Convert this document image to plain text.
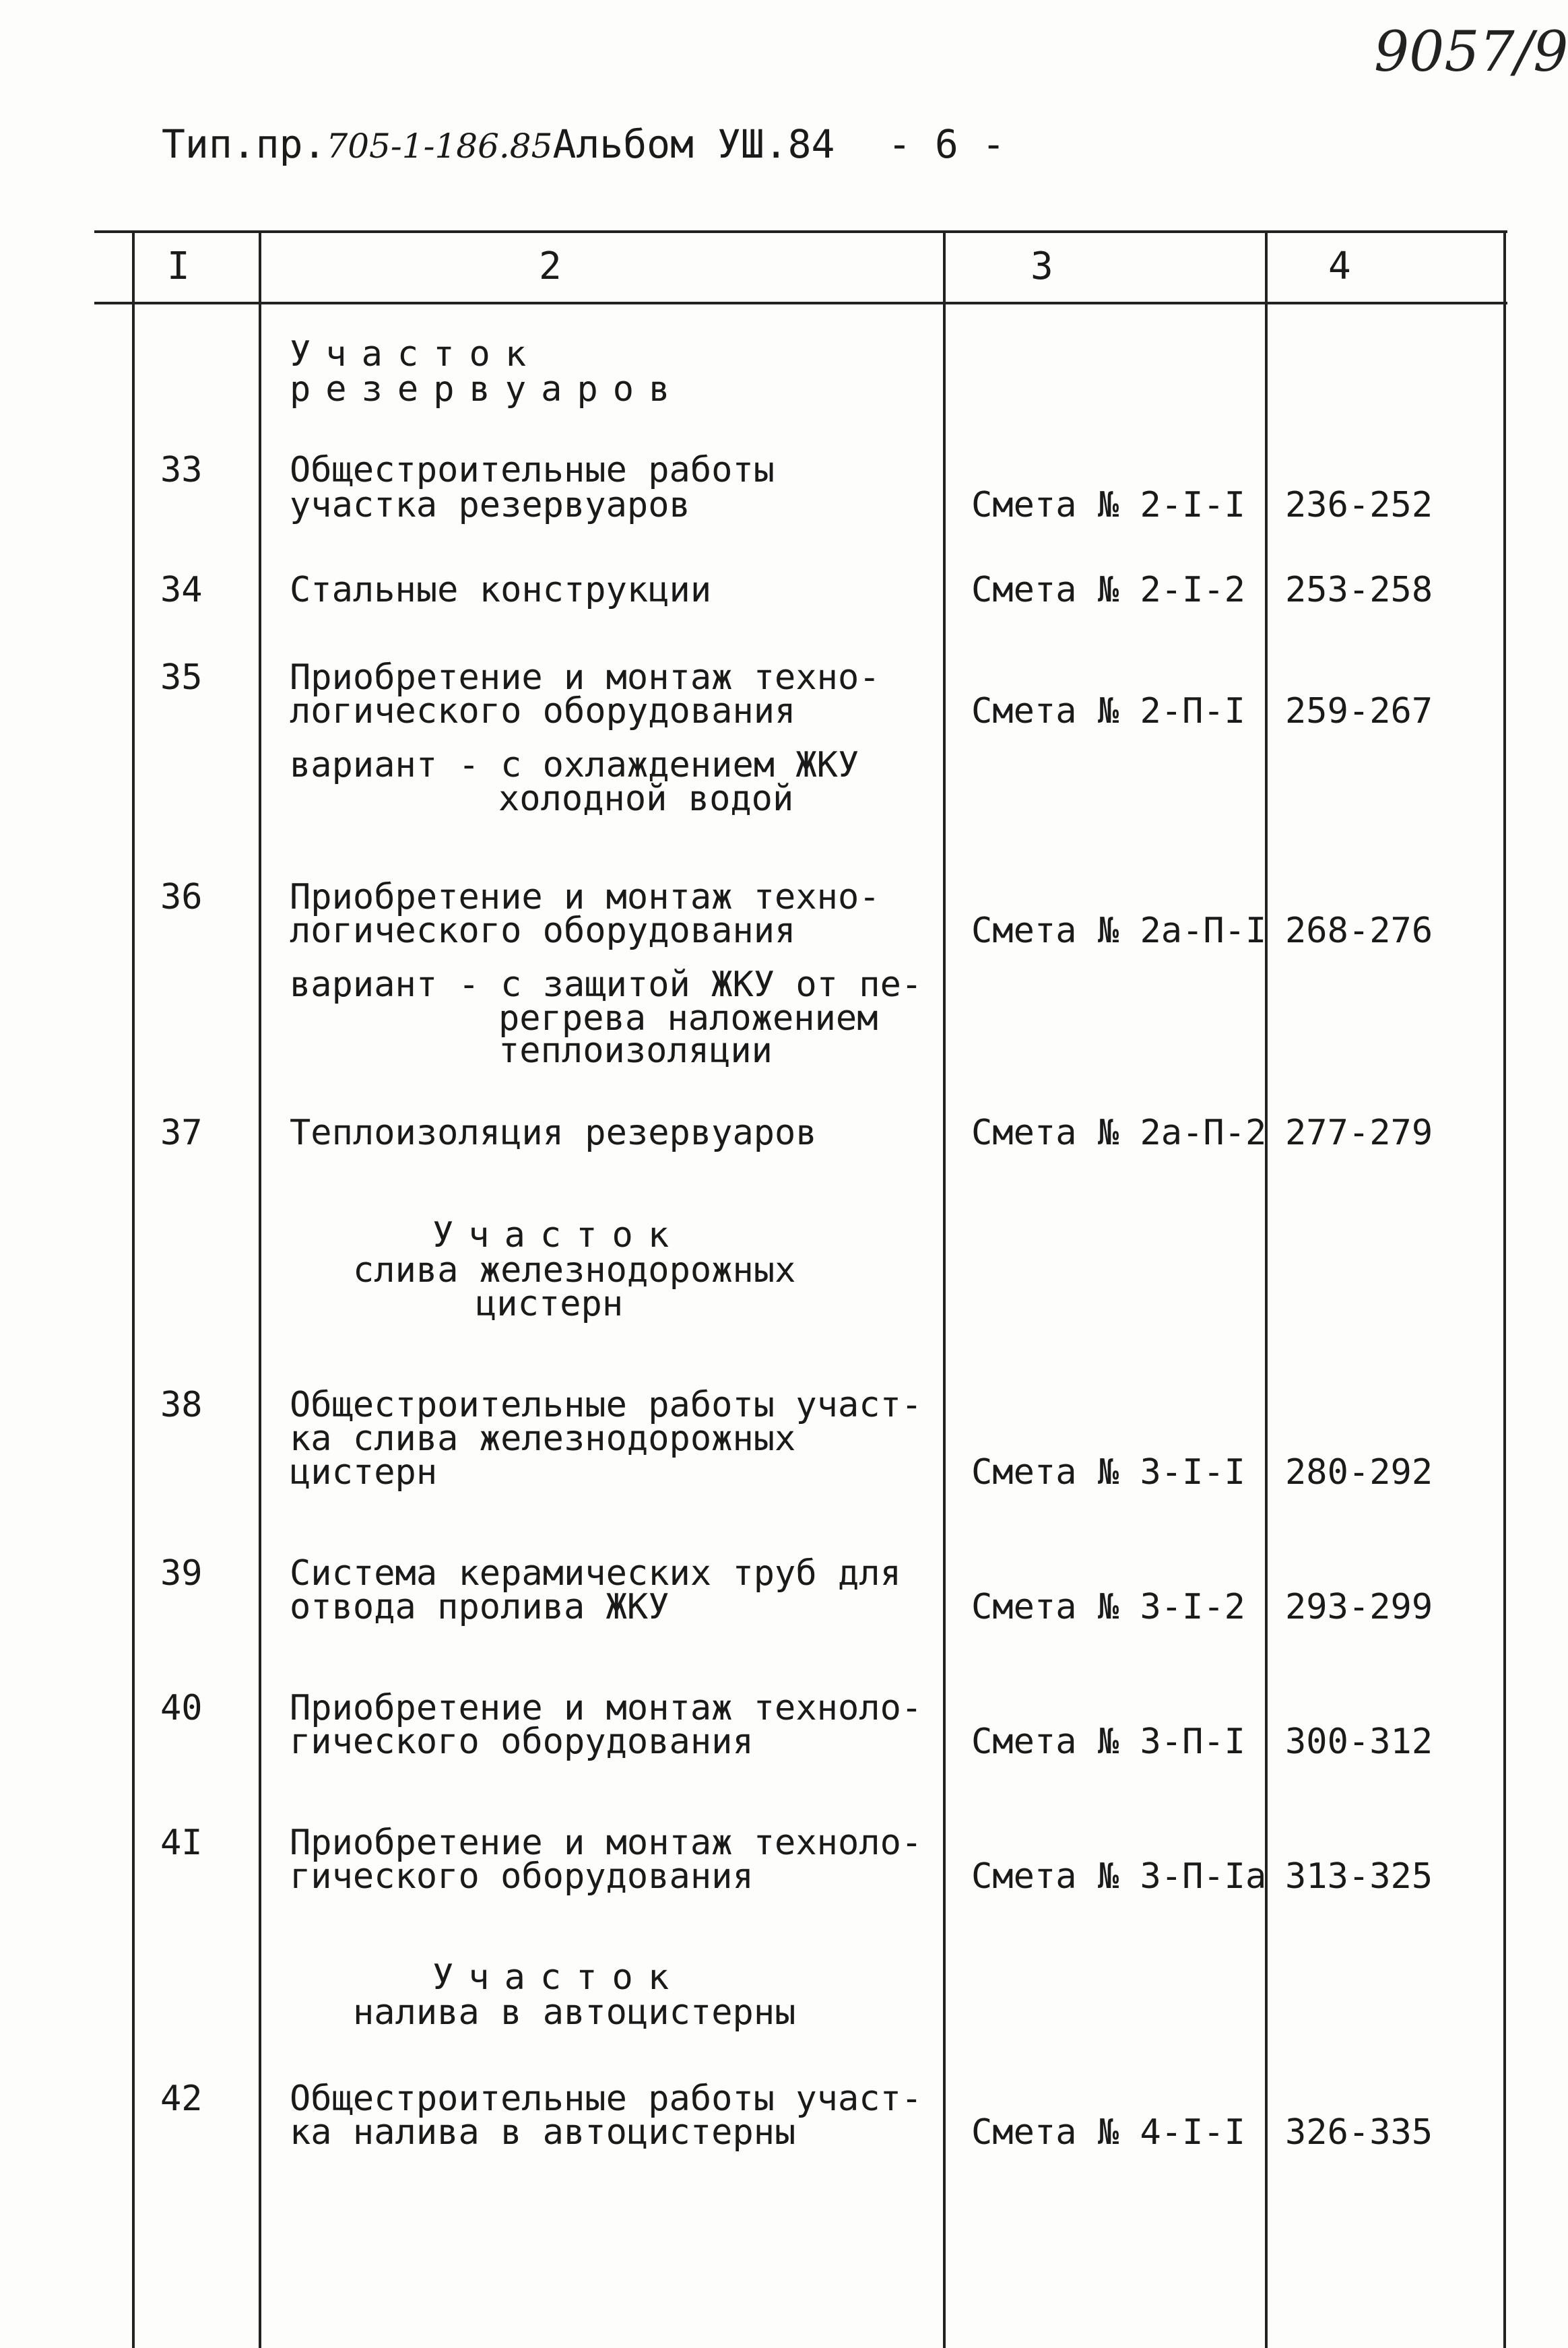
9057/9
Тип.пр.705-1-186.85Альбом УШ.84 - 6 -
I	2	3	4
Участок
резервуаров
33 Общестроительные работы
участка резервуаров	Смета № 2-I-I 236-252
34 Стальные конструкции	Смета № 2-I-2 253-258
35 Приобретение и монтаж техно-
логического оборудования
вариант - с охлаждением ЖКУ
холодной водой
Смета № 2-П-I 259-267
36 Приобретение и монтаж техно-
логического оборудования
вариант - с защитой ЖКУ от пе-
регрева наложением
теплоизоляции
Смета № 2а-П-I 268-276
37 Теплоизоляция резервуаров	Смета № 2а-П-2 277-279
Участок
слива железнодорожных
цистерн
38 Общестроительные работы участ-
ка слива железнодорожных
цистерн	Смета № 3-I-I 280-292
39 Система керамических труб для
отвода пролива ЖКУ	Смета № 3-I-2 293-299
40 Приобретение и монтаж техноло-
гического оборудования	Смета № 3-П-I 300-312
4I Приобретение и монтаж техноло-
гического оборудования	Смета № 3-П-Iа 313-325
Участок
налива в автоцистерны
42 Общестроительные работы участ-
ка налива в автоцистерны	Смета № 4-I-I 326-335
